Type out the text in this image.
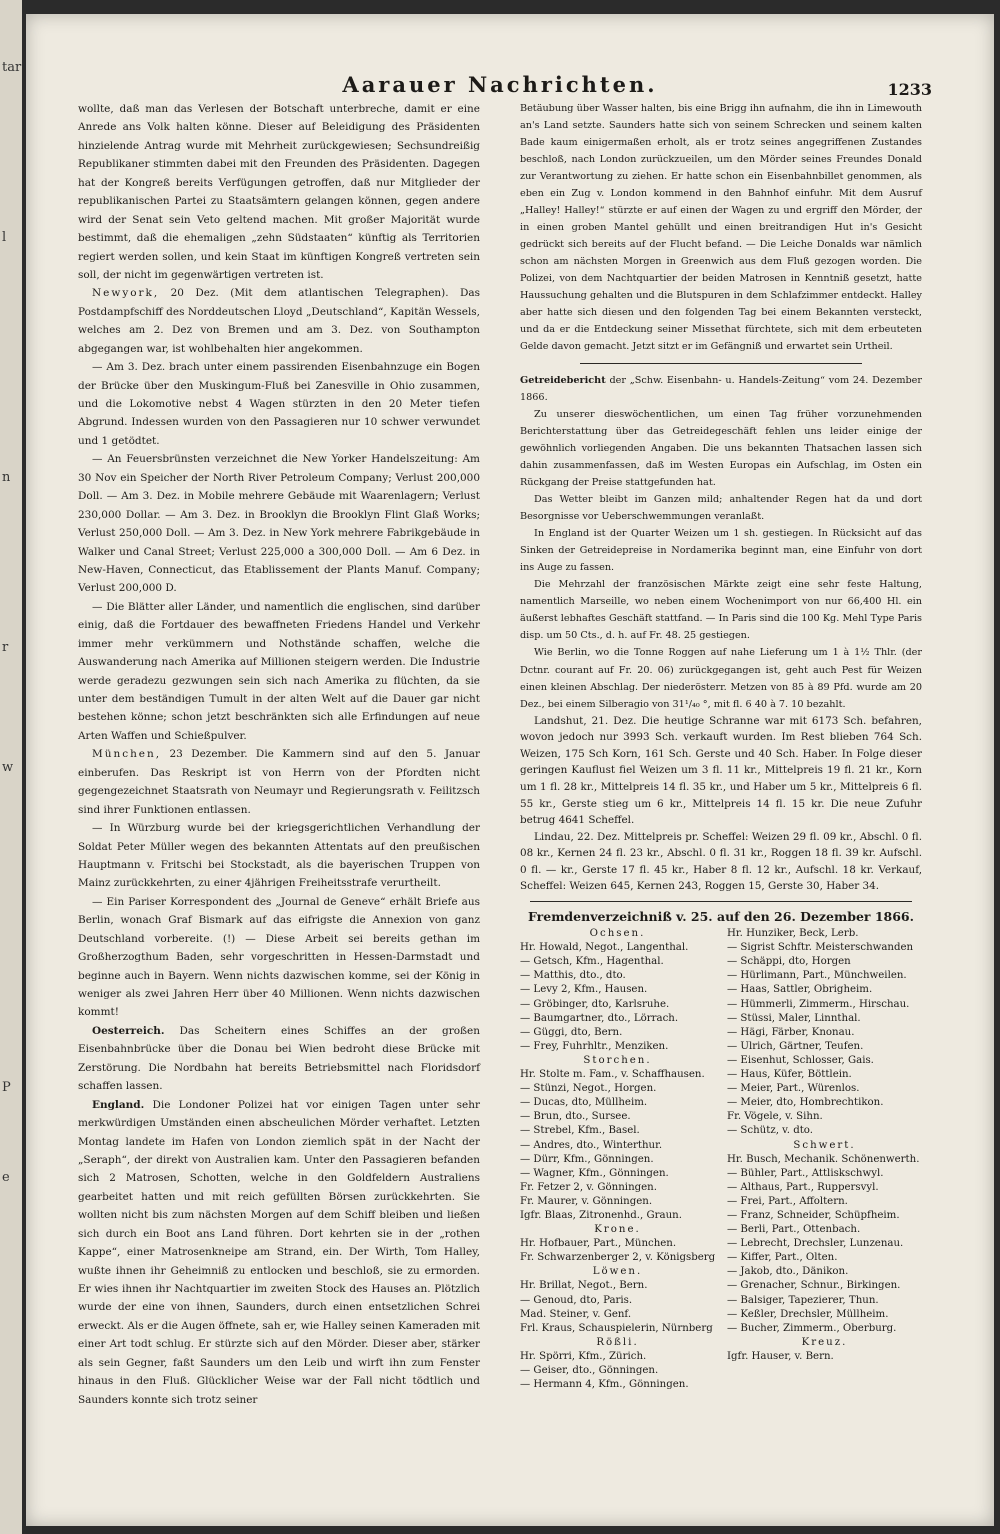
tar
l
n
r
w
P
e
Aarauer Nachrichten.	1233

wollte, daß man das Verlesen der Botschaft unterbreche, damit er eine Anrede ans Volk halten könne. Dieser auf Beleidigung des Präsidenten hinzielende Antrag wurde mit Mehrheit zurückgewiesen; Sechsundreißig Republikaner stimmten dabei mit den Freunden des Präsidenten. Dagegen hat der Kongreß bereits Verfügungen getroffen, daß nur Mitglieder der republikanischen Partei zu Staatsämtern gelangen können, gegen andere wird der Senat sein Veto geltend machen. Mit großer Majorität wurde bestimmt, daß die ehemaligen „zehn Südstaaten“ künftig als Territorien regiert werden sollen, und kein Staat im künftigen Kongreß vertreten sein soll, der nicht im gegenwärtigen vertreten ist.

Newyork, 20 Dez. (Mit dem atlantischen Telegraphen). Das Postdampfschiff des Norddeutschen Lloyd „Deutschland“, Kapitän Wessels, welches am 2. Dez von Bremen und am 3. Dez. von Southampton abgegangen war, ist wohlbehalten hier angekommen.

— Am 3. Dez. brach unter einem passirenden Eisenbahnzuge ein Bogen der Brücke über den Muskingum-Fluß bei Zanesville in Ohio zusammen, und die Lokomotive nebst 4 Wagen stürzten in den 20 Meter tiefen Abgrund. Indessen wurden von den Passagieren nur 10 schwer verwundet und 1 getödtet.

— An Feuersbrünsten verzeichnet die New Yorker Handelszeitung: Am 30 Nov ein Speicher der North River Petroleum Company; Verlust 200,000 Doll. — Am 3. Dez. in Mobile mehrere Gebäude mit Waarenlagern; Verlust 230,000 Dollar. — Am 3. Dez. in Brooklyn die Brooklyn Flint Glaß Works; Verlust 250,000 Doll. — Am 3. Dez. in New York mehrere Fabrikgebäude in Walker und Canal Street; Verlust 225,000 a 300,000 Doll. — Am 6 Dez. in New-Haven, Connecticut, das Etablissement der Plants Manuf. Company; Verlust 200,000 D.

— Die Blätter aller Länder, und namentlich die englischen, sind darüber einig, daß die Fortdauer des bewaffneten Friedens Handel und Verkehr immer mehr verkümmern und Nothstände schaffen, welche die Auswanderung nach Amerika auf Millionen steigern werden. Die Industrie werde geradezu gezwungen sein sich nach Amerika zu flüchten, da sie unter dem beständigen Tumult in der alten Welt auf die Dauer gar nicht bestehen könne; schon jetzt beschränkten sich alle Erfindungen auf neue Arten Waffen und Schießpulver.

München, 23 Dezember. Die Kammern sind auf den 5. Januar einberufen. Das Reskript ist von Herrn von der Pfordten nicht gegengezeichnet Staatsrath von Neumayr und Regierungsrath v. Feilitzsch sind ihrer Funktionen entlassen.

— In Würzburg wurde bei der kriegsgerichtlichen Verhandlung der Soldat Peter Müller wegen des bekannten Attentats auf den preußischen Hauptmann v. Fritschi bei Stockstadt, als die bayerischen Truppen von Mainz zurückkehrten, zu einer 4jährigen Freiheitsstrafe verurtheilt.

— Ein Pariser Korrespondent des „Journal de Geneve“ erhält Briefe aus Berlin, wonach Graf Bismark auf das eifrigste die Annexion von ganz Deutschland vorbereite. (!) — Diese Arbeit sei bereits gethan im Großherzogthum Baden, sehr vorgeschritten in Hessen-Darmstadt und beginne auch in Bayern. Wenn nichts dazwischen komme, sei der König in weniger als zwei Jahren Herr über 40 Millionen. Wenn nichts dazwischen kommt!

Oesterreich. Das Scheitern eines Schiffes an der großen Eisenbahnbrücke über die Donau bei Wien bedroht diese Brücke mit Zerstörung. Die Nordbahn hat bereits Betriebsmittel nach Floridsdorf schaffen lassen.

England. Die Londoner Polizei hat vor einigen Tagen unter sehr merkwürdigen Umständen einen abscheulichen Mörder verhaftet. Letzten Montag landete im Hafen von London ziemlich spät in der Nacht der „Seraph“, der direkt von Australien kam. Unter den Passagieren befanden sich 2 Matrosen, Schotten, welche in den Goldfeldern Australiens gearbeitet hatten und mit reich gefüllten Börsen zurückkehrten. Sie wollten nicht bis zum nächsten Morgen auf dem Schiff bleiben und ließen sich durch ein Boot ans Land führen. Dort kehrten sie in der „rothen Kappe“, einer Matrosenkneipe am Strand, ein. Der Wirth, Tom Halley, wußte ihnen ihr Geheimniß zu entlocken und beschloß, sie zu ermorden. Er wies ihnen ihr Nachtquartier im zweiten Stock des Hauses an. Plötzlich wurde der eine von ihnen, Saunders, durch einen entsetzlichen Schrei erweckt. Als er die Augen öffnete, sah er, wie Halley seinen Kameraden mit einer Art todt schlug. Er stürzte sich auf den Mörder. Dieser aber, stärker als sein Gegner, faßt Saunders um den Leib und wirft ihn zum Fenster hinaus in den Fluß. Glücklicher Weise war der Fall nicht tödtlich und Saunders konnte sich trotz seiner

Betäubung über Wasser halten, bis eine Brigg ihn aufnahm, die ihn in Limewouth an's Land setzte. Saunders hatte sich von seinem Schrecken und seinem kalten Bade kaum einigermaßen erholt, als er trotz seines angegriffenen Zustandes beschloß, nach London zurückzueilen, um den Mörder seines Freundes Donald zur Verantwortung zu ziehen. Er hatte schon ein Eisenbahnbillet genommen, als eben ein Zug v. London kommend in den Bahnhof einfuhr. Mit dem Ausruf „Halley! Halley!“ stürzte er auf einen der Wagen zu und ergriff den Mörder, der in einen groben Mantel gehüllt und einen breitrandigen Hut in's Gesicht gedrückt sich bereits auf der Flucht befand. — Die Leiche Donalds war nämlich schon am nächsten Morgen in Greenwich aus dem Fluß gezogen worden. Die Polizei, von dem Nachtquartier der beiden Matrosen in Kenntniß gesetzt, hatte Haussuchung gehalten und die Blutspuren in dem Schlafzimmer entdeckt. Halley aber hatte sich diesen und den folgenden Tag bei einem Bekannten versteckt, und da er die Entdeckung seiner Missethat fürchtete, sich mit dem erbeuteten Gelde davon gemacht. Jetzt sitzt er im Gefängniß und erwartet sein Urtheil.

Getreidebericht der „Schw. Eisenbahn- u. Handels-Zeitung“ vom 24. Dezember 1866.

Zu unserer dieswöchentlichen, um einen Tag früher vorzunehmenden Berichterstattung über das Getreidegeschäft fehlen uns leider einige der gewöhnlich vorliegenden Angaben. Die uns bekannten Thatsachen lassen sich dahin zusammenfassen, daß im Westen Europas ein Aufschlag, im Osten ein Rückgang der Preise stattgefunden hat.

Das Wetter bleibt im Ganzen mild; anhaltender Regen hat da und dort Besorgnisse vor Ueberschwemmungen veranlaßt.

In England ist der Quarter Weizen um 1 sh. gestiegen. In Rücksicht auf das Sinken der Getreidepreise in Nordamerika beginnt man, eine Einfuhr von dort ins Auge zu fassen.

Die Mehrzahl der französischen Märkte zeigt eine sehr feste Haltung, namentlich Marseille, wo neben einem Wochenimport von nur 66,400 Hl. ein äußerst lebhaftes Geschäft stattfand. — In Paris sind die 100 Kg. Mehl Type Paris disp. um 50 Cts., d. h. auf Fr. 48. 25 gestiegen.

Wie Berlin, wo die Tonne Roggen auf nahe Lieferung um 1 à 1½ Thlr. (der Dctnr. courant auf Fr. 20. 06) zurückgegangen ist, geht auch Pest für Weizen einen kleinen Abschlag. Der niederösterr. Metzen von 85 à 89 Pfd. wurde am 20 Dez., bei einem Silberagio von 31¹/₄₀ °, mit fl. 6 40 à 7. 10 bezahlt.

Landshut, 21. Dez. Die heutige Schranne war mit 6173 Sch. befahren, wovon jedoch nur 3993 Sch. verkauft wurden. Im Rest blieben 764 Sch. Weizen, 175 Sch Korn, 161 Sch. Gerste und 40 Sch. Haber. In Folge dieser geringen Kauflust fiel Weizen um 3 fl. 11 kr., Mittelpreis 19 fl. 21 kr., Korn um 1 fl. 28 kr., Mittelpreis 14 fl. 35 kr., und Haber um 5 kr., Mittelpreis 6 fl. 55 kr., Gerste stieg um 6 kr., Mittelpreis 14 fl. 15 kr. Die neue Zufuhr betrug 4641 Scheffel.

Lindau, 22. Dez. Mittelpreis pr. Scheffel: Weizen 29 fl. 09 kr., Abschl. 0 fl. 08 kr., Kernen 24 fl. 23 kr., Abschl. 0 fl. 31 kr., Roggen 18 fl. 39 kr. Aufschl. 0 fl. — kr., Gerste 17 fl. 45 kr., Haber 8 fl. 12 kr., Aufschl. 18 kr. Verkauf, Scheffel: Weizen 645, Kernen 243, Roggen 15, Gerste 30, Haber 34.

Fremdenverzeichniß v. 25. auf den 26. Dezember 1866.
Ochsen.
Hr. Howald, Negot., Langenthal.
— Getsch, Kfm., Hagenthal.
— Matthis, dto., dto.
— Levy 2, Kfm., Hausen.
— Gröbinger, dto, Karlsruhe.
— Baumgartner, dto., Lörrach.
— Güggi, dto, Bern.
— Frey, Fuhrhltr., Menziken.
Storchen.
Hr. Stolte m. Fam., v. Schaffhausen.
— Stünzi, Negot., Horgen.
— Ducas, dto, Müllheim.
— Brun, dto., Sursee.
— Strebel, Kfm., Basel.
— Andres, dto., Winterthur.
— Dürr, Kfm., Gönningen.
— Wagner, Kfm., Gönningen.
Fr. Fetzer 2, v. Gönningen.
Fr. Maurer, v. Gönningen.
Igfr. Blaas, Zitronenhd., Graun.
Krone.
Hr. Hofbauer, Part., München.
Fr. Schwarzenberger 2, v. Königsberg
Löwen.
Hr. Brillat, Negot., Bern.
— Genoud, dto, Paris.
Mad. Steiner, v. Genf.
Frl. Kraus, Schauspielerin, Nürnberg
Rößli.
Hr. Spörri, Kfm., Zürich.
— Geiser, dto., Gönningen.
— Hermann 4, Kfm., Gönningen.
Hr. Hunziker, Beck, Lerb.
— Sigrist Schftr. Meisterschwanden
— Schäppi, dto, Horgen
— Hürlimann, Part., Münchweilen.
— Haas, Sattler, Obrigheim.
— Hümmerli, Zimmerm., Hirschau.
— Stüssi, Maler, Linnthal.
— Hägi, Färber, Knonau.
— Ulrich, Gärtner, Teufen.
— Eisenhut, Schlosser, Gais.
— Haus, Küfer, Böttlein.
— Meier, Part., Würenlos.
— Meier, dto, Hombrechtikon.
Fr. Vögele, v. Sihn.
— Schütz, v. dto.
Schwert.
Hr. Busch, Mechanik. Schönenwerth.
— Bühler, Part., Attliskschwyl.
— Althaus, Part., Ruppersvyl.
— Frei, Part., Affoltern.
— Franz, Schneider, Schüpfheim.
— Berli, Part., Ottenbach.
— Lebrecht, Drechsler, Lunzenau.
— Kiffer, Part., Olten.
— Jakob, dto., Dänikon.
— Grenacher, Schnur., Birkingen.
— Balsiger, Tapezierer, Thun.
— Keßler, Drechsler, Müllheim.
— Bucher, Zimmerm., Oberburg.
Kreuz.
Igfr. Hauser, v. Bern.
